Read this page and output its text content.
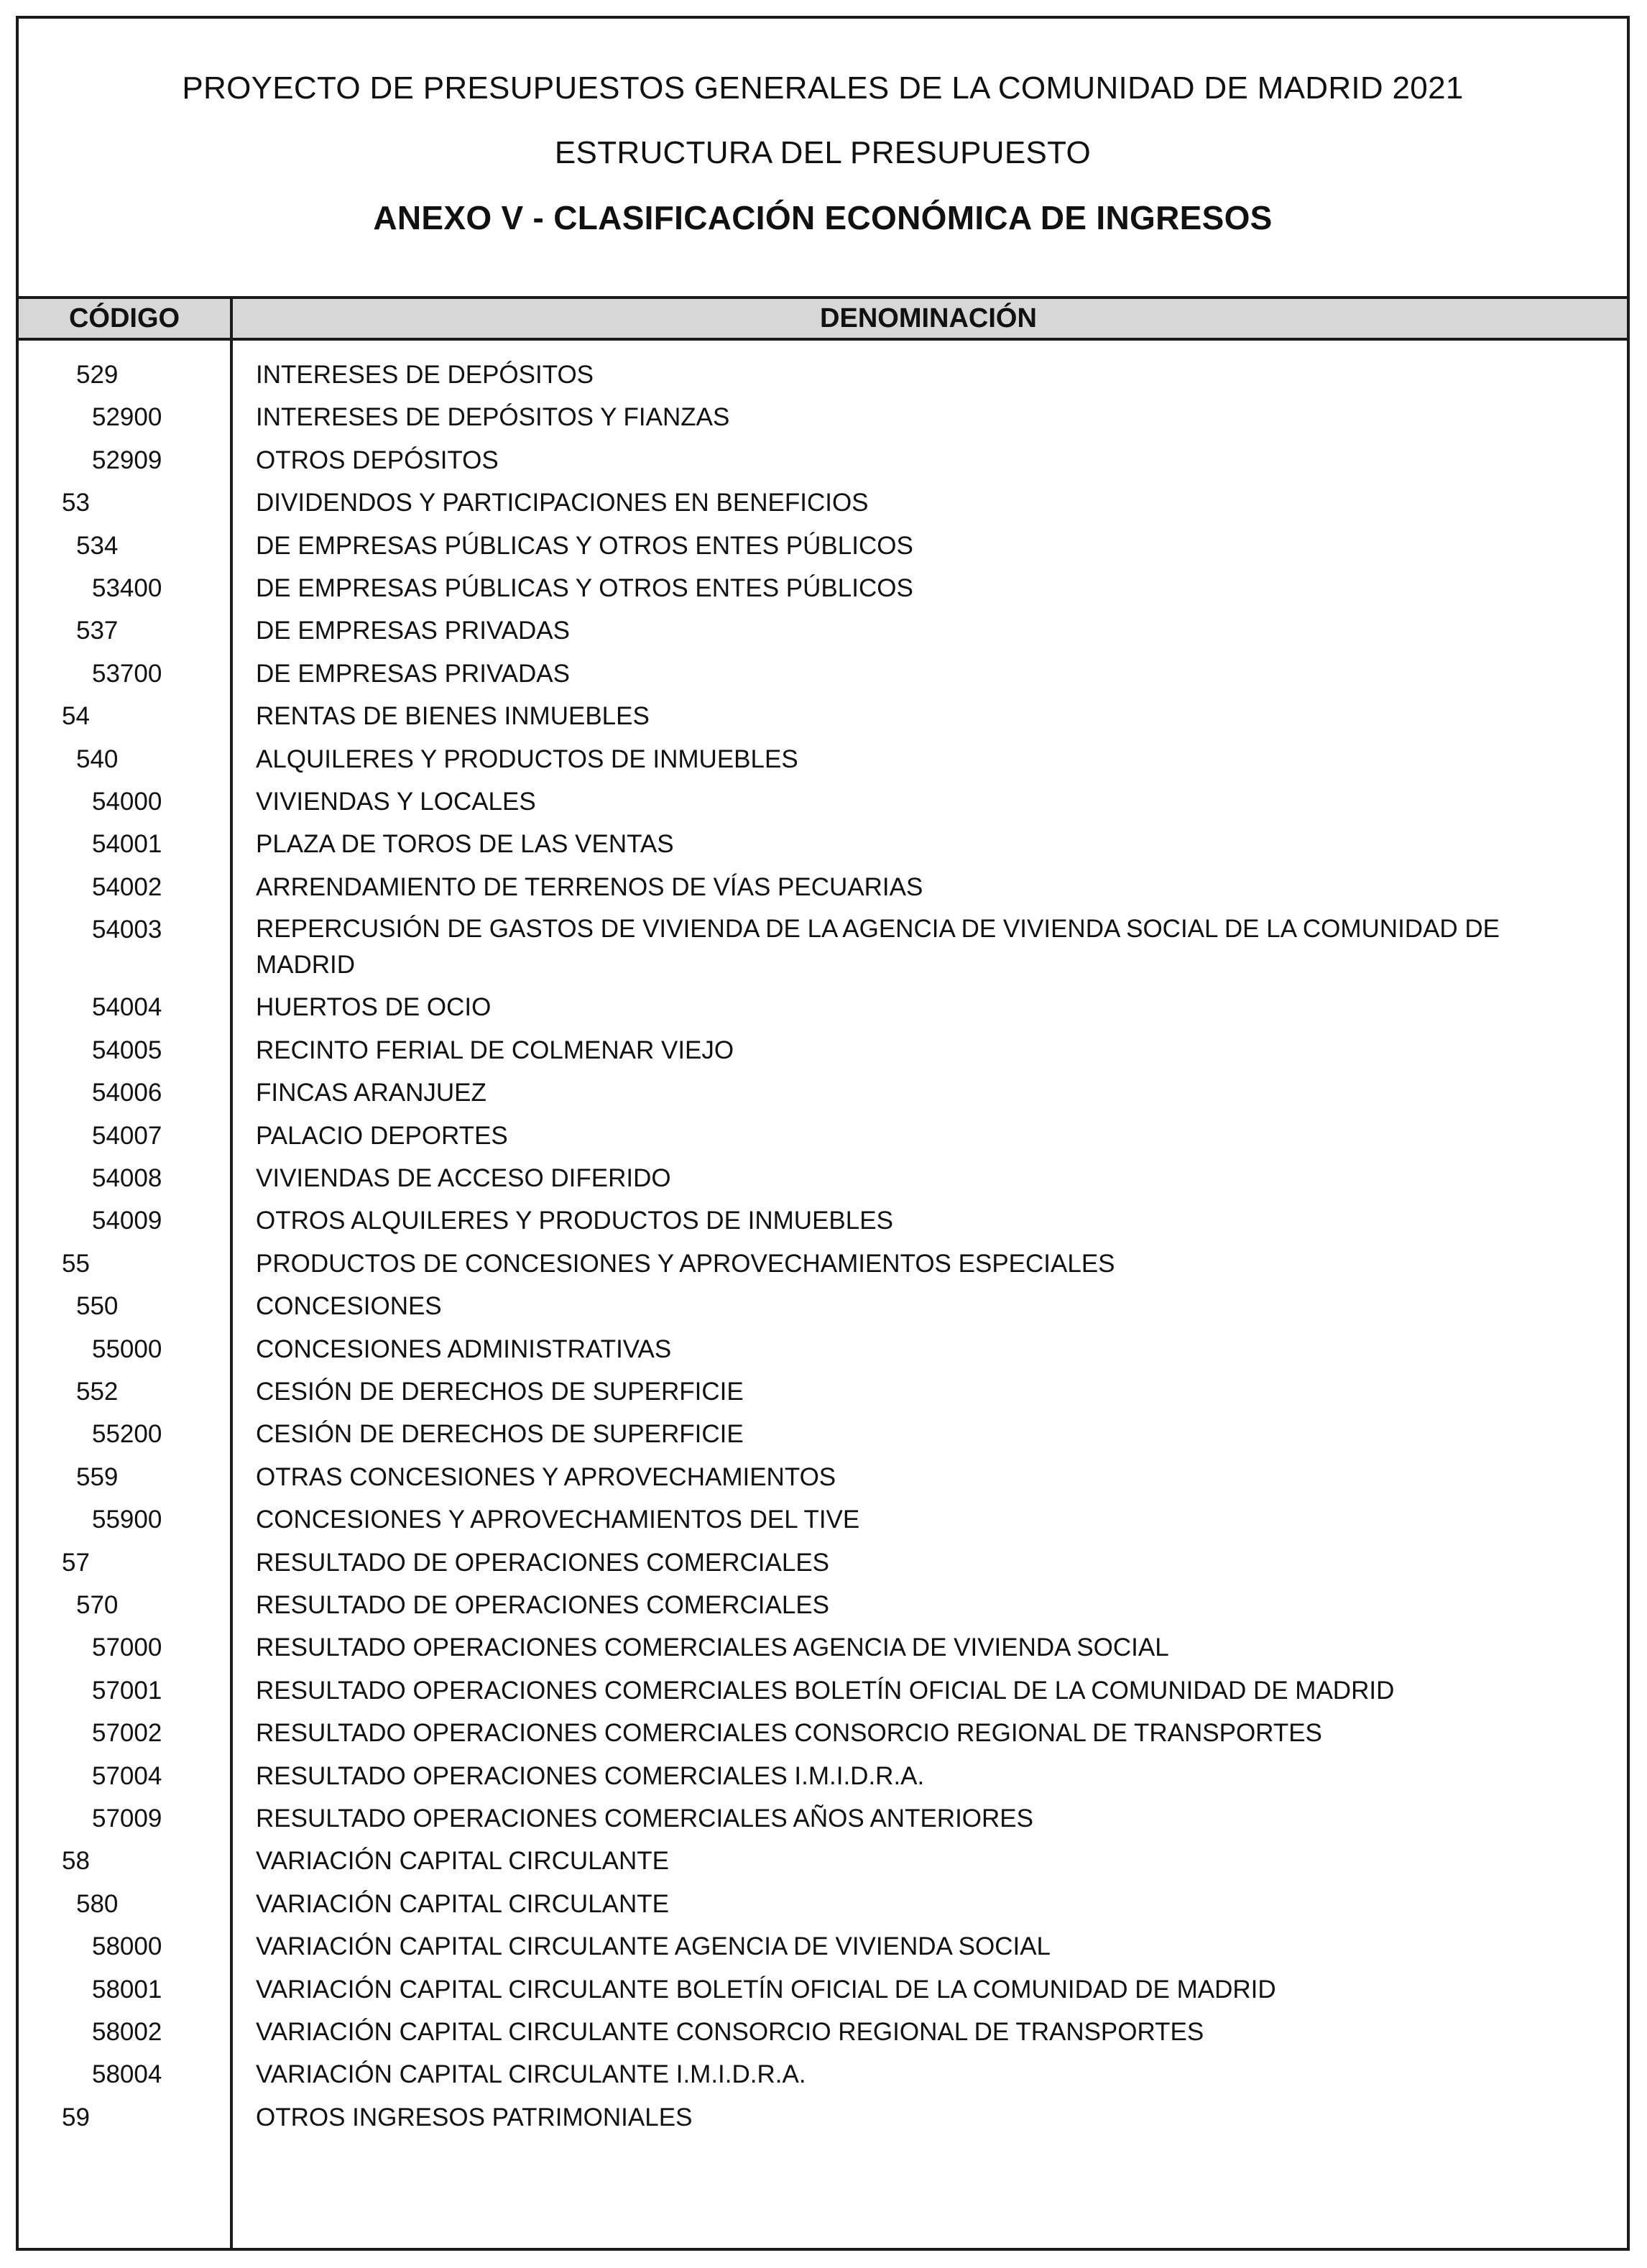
PROYECTO DE PRESUPUESTOS GENERALES DE LA COMUNIDAD DE MADRID 2021
ESTRUCTURA DEL PRESUPUESTO
ANEXO V - CLASIFICACIÓN ECONÓMICA DE INGRESOS
CÓDIGO	DENOMINACIÓN
529	INTERESES DE DEPÓSITOS
52900	INTERESES DE DEPÓSITOS Y FIANZAS
52909	OTROS DEPÓSITOS
53	DIVIDENDOS Y PARTICIPACIONES EN BENEFICIOS
534	DE EMPRESAS PÚBLICAS Y OTROS ENTES PÚBLICOS
53400	DE EMPRESAS PÚBLICAS Y OTROS ENTES PÚBLICOS
537	DE EMPRESAS PRIVADAS
53700	DE EMPRESAS PRIVADAS
54	RENTAS DE BIENES INMUEBLES
540	ALQUILERES Y PRODUCTOS DE INMUEBLES
54000	VIVIENDAS Y LOCALES
54001	PLAZA DE TOROS DE LAS VENTAS
54002	ARRENDAMIENTO DE TERRENOS DE VÍAS PECUARIAS
54003	REPERCUSIÓN DE GASTOS DE VIVIENDA DE LA AGENCIA DE VIVIENDA SOCIAL DE LA COMUNIDAD DE MADRID
54004	HUERTOS DE OCIO
54005	RECINTO FERIAL DE COLMENAR VIEJO
54006	FINCAS ARANJUEZ
54007	PALACIO DEPORTES
54008	VIVIENDAS DE ACCESO DIFERIDO
54009	OTROS ALQUILERES Y PRODUCTOS DE INMUEBLES
55	PRODUCTOS DE CONCESIONES Y APROVECHAMIENTOS ESPECIALES
550	CONCESIONES
55000	CONCESIONES ADMINISTRATIVAS
552	CESIÓN DE DERECHOS DE SUPERFICIE
55200	CESIÓN DE DERECHOS DE SUPERFICIE
559	OTRAS CONCESIONES Y APROVECHAMIENTOS
55900	CONCESIONES Y APROVECHAMIENTOS DEL TIVE
57	RESULTADO DE OPERACIONES COMERCIALES
570	RESULTADO DE OPERACIONES COMERCIALES
57000	RESULTADO OPERACIONES COMERCIALES AGENCIA DE VIVIENDA SOCIAL
57001	RESULTADO OPERACIONES COMERCIALES BOLETÍN OFICIAL DE LA COMUNIDAD DE MADRID
57002	RESULTADO OPERACIONES COMERCIALES CONSORCIO REGIONAL DE TRANSPORTES
57004	RESULTADO OPERACIONES COMERCIALES I.M.I.D.R.A.
57009	RESULTADO OPERACIONES COMERCIALES AÑOS ANTERIORES
58	VARIACIÓN CAPITAL CIRCULANTE
580	VARIACIÓN CAPITAL CIRCULANTE
58000	VARIACIÓN CAPITAL CIRCULANTE AGENCIA DE VIVIENDA SOCIAL
58001	VARIACIÓN CAPITAL CIRCULANTE BOLETÍN OFICIAL DE LA COMUNIDAD DE MADRID
58002	VARIACIÓN CAPITAL CIRCULANTE CONSORCIO REGIONAL DE TRANSPORTES
58004	VARIACIÓN CAPITAL CIRCULANTE I.M.I.D.R.A.
59	OTROS INGRESOS PATRIMONIALES
